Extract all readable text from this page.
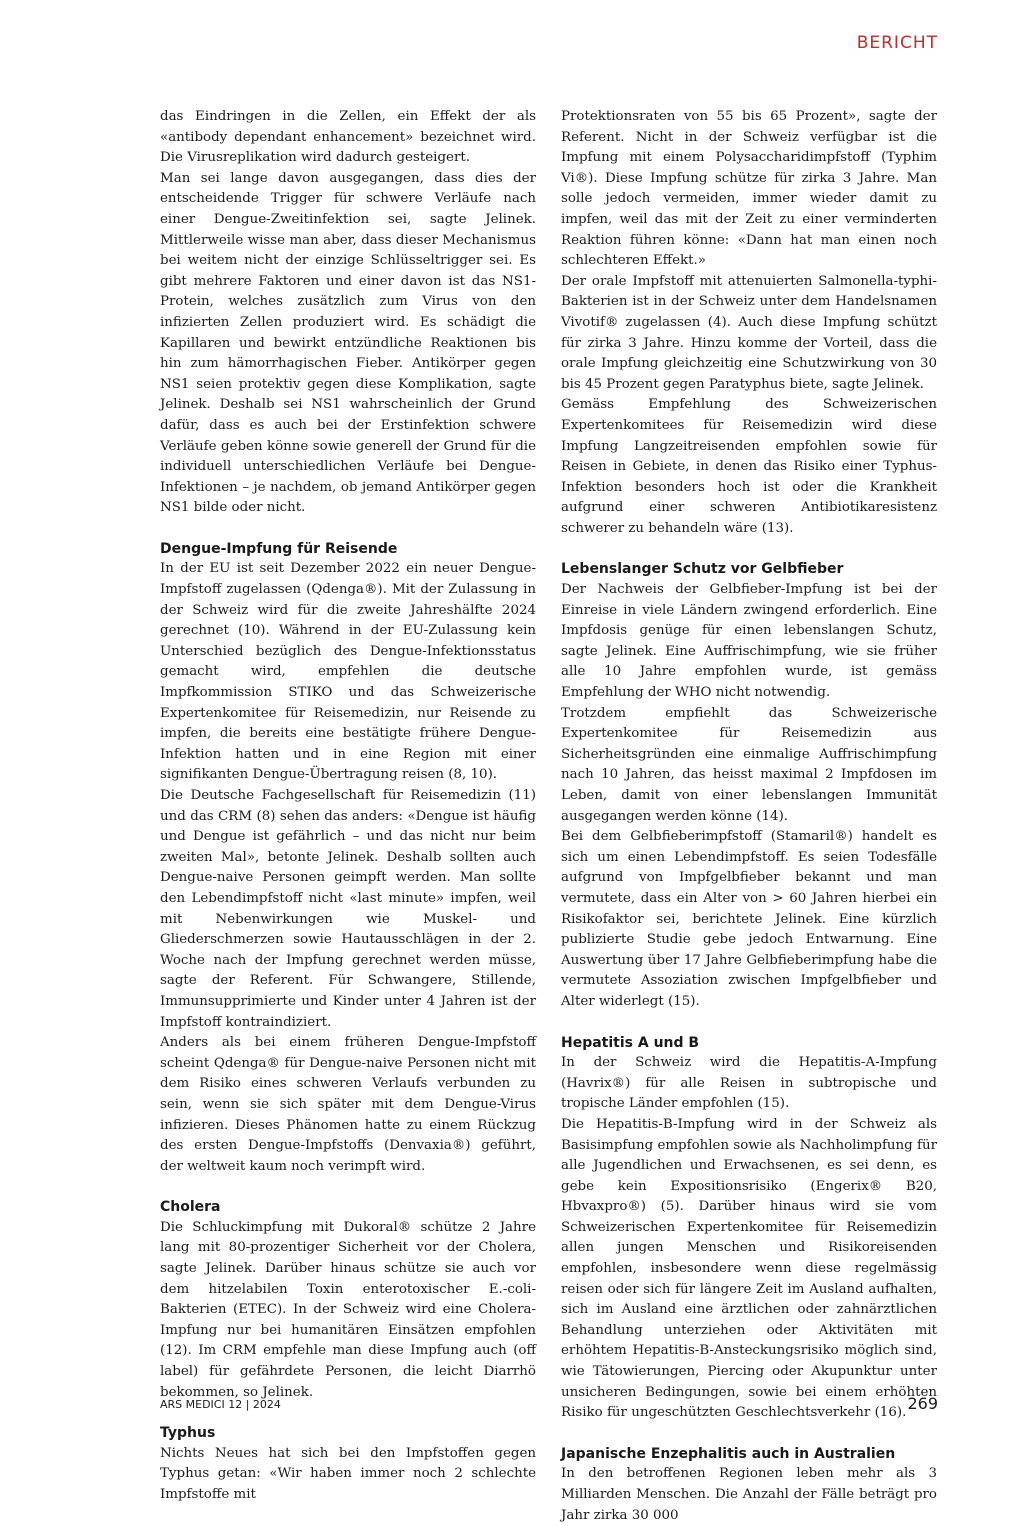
BERICHT

das Eindringen in die Zellen, ein Effekt der als «antibody dependant enhancement» bezeichnet wird. Die Virusreplikation wird dadurch gesteigert.

Man sei lange davon ausgegangen, dass dies der entscheidende Trigger für schwere Verläufe nach einer Dengue-Zweitinfektion sei, sagte Jelinek. Mittlerweile wisse man aber, dass dieser Mechanismus bei weitem nicht der einzige Schlüsseltrigger sei. Es gibt mehrere Faktoren und einer davon ist das NS1-Protein, welches zusätzlich zum Virus von den infizierten Zellen produziert wird. Es schädigt die Kapillaren und bewirkt entzündliche Reaktionen bis hin zum hämorrhagischen Fieber. Antikörper gegen NS1 seien protektiv gegen diese Komplikation, sagte Jelinek. Deshalb sei NS1 wahrscheinlich der Grund dafür, dass es auch bei der Erstinfektion schwere Verläufe geben könne sowie generell der Grund für die individuell unterschiedlichen Verläufe bei Dengue-Infektionen – je nachdem, ob jemand Antikörper gegen NS1 bilde oder nicht.

Dengue-Impfung für Reisende

In der EU ist seit Dezember 2022 ein neuer Dengue-Impfstoff zugelassen (Qdenga®). Mit der Zulassung in der Schweiz wird für die zweite Jahreshälfte 2024 gerechnet (10). Während in der EU-Zulassung kein Unterschied bezüglich des Dengue-Infektionsstatus gemacht wird, empfehlen die deutsche Impfkommission STIKO und das Schweizerische Expertenkomitee für Reisemedizin, nur Reisende zu impfen, die bereits eine bestätigte frühere Dengue-Infektion hatten und in eine Region mit einer signifikanten Dengue-Übertragung reisen (8, 10).

Die Deutsche Fachgesellschaft für Reisemedizin (11) und das CRM (8) sehen das anders: «Dengue ist häufig und Dengue ist gefährlich – und das nicht nur beim zweiten Mal», betonte Jelinek. Deshalb sollten auch Dengue-naive Personen geimpft werden. Man sollte den Lebendimpfstoff nicht «last minute» impfen, weil mit Nebenwirkungen wie Muskel- und Gliederschmerzen sowie Hautausschlägen in der 2. Woche nach der Impfung gerechnet werden müsse, sagte der Referent. Für Schwangere, Stillende, Immunsupprimierte und Kinder unter 4 Jahren ist der Impfstoff kontraindiziert.

Anders als bei einem früheren Dengue-Impfstoff scheint Qdenga® für Dengue-naive Personen nicht mit dem Risiko eines schweren Verlaufs verbunden zu sein, wenn sie sich später mit dem Dengue-Virus infizieren. Dieses Phänomen hatte zu einem Rückzug des ersten Dengue-Impfstoffs (Denvaxia®) geführt, der weltweit kaum noch verimpft wird.

Cholera

Die Schluckimpfung mit Dukoral® schütze 2 Jahre lang mit 80-prozentiger Sicherheit vor der Cholera, sagte Jelinek. Darüber hinaus schütze sie auch vor dem hitzelabilen Toxin enterotoxischer E.-coli-Bakterien (ETEC). In der Schweiz wird eine Cholera-Impfung nur bei humanitären Einsätzen empfohlen (12). Im CRM empfehle man diese Impfung auch (off label) für gefährdete Personen, die leicht Diarrhö bekommen, so Jelinek.

Typhus

Nichts Neues hat sich bei den Impfstoffen gegen Typhus getan: «Wir haben immer noch 2 schlechte Impfstoffe mit

Protektionsraten von 55 bis 65 Prozent», sagte der Referent. Nicht in der Schweiz verfügbar ist die Impfung mit einem Polysaccharidimpfstoff (Typhim Vi®). Diese Impfung schütze für zirka 3 Jahre. Man solle jedoch vermeiden, immer wieder damit zu impfen, weil das mit der Zeit zu einer verminderten Reaktion führen könne: «Dann hat man einen noch schlechteren Effekt.»

Der orale Impfstoff mit attenuierten Salmonella-typhi-Bakterien ist in der Schweiz unter dem Handelsnamen Vivotif® zugelassen (4). Auch diese Impfung schützt für zirka 3 Jahre. Hinzu komme der Vorteil, dass die orale Impfung gleichzeitig eine Schutzwirkung von 30 bis 45 Prozent gegen Paratyphus biete, sagte Jelinek.

Gemäss Empfehlung des Schweizerischen Expertenkomitees für Reisemedizin wird diese Impfung Langzeitreisenden empfohlen sowie für Reisen in Gebiete, in denen das Risiko einer Typhus-Infektion besonders hoch ist oder die Krankheit aufgrund einer schweren Antibiotikaresistenz schwerer zu behandeln wäre (13).

Lebenslanger Schutz vor Gelbfieber

Der Nachweis der Gelbfieber-Impfung ist bei der Einreise in viele Ländern zwingend erforderlich. Eine Impfdosis genüge für einen lebenslangen Schutz, sagte Jelinek. Eine Auffrischimpfung, wie sie früher alle 10 Jahre empfohlen wurde, ist gemäss Empfehlung der WHO nicht notwendig.

Trotzdem empfiehlt das Schweizerische Expertenkomitee für Reisemedizin aus Sicherheitsgründen eine einmalige Auffrischimpfung nach 10 Jahren, das heisst maximal 2 Impfdosen im Leben, damit von einer lebenslangen Immunität ausgegangen werden könne (14).

Bei dem Gelbfieberimpfstoff (Stamaril®) handelt es sich um einen Lebendimpfstoff. Es seien Todesfälle aufgrund von Impfgelbfieber bekannt und man vermutete, dass ein Alter von > 60 Jahren hierbei ein Risikofaktor sei, berichtete Jelinek. Eine kürzlich publizierte Studie gebe jedoch Entwarnung. Eine Auswertung über 17 Jahre Gelbfieberimpfung habe die vermutete Assoziation zwischen Impfgelbfieber und Alter widerlegt (15).

Hepatitis A und B

In der Schweiz wird die Hepatitis-A-Impfung (Havrix®) für alle Reisen in subtropische und tropische Länder empfohlen (15).

Die Hepatitis-B-Impfung wird in der Schweiz als Basisimpfung empfohlen sowie als Nachholimpfung für alle Jugendlichen und Erwachsenen, es sei denn, es gebe kein Expositionsrisiko (Engerix® B20, Hbvaxpro®) (5). Darüber hinaus wird sie vom Schweizerischen Expertenkomitee für Reisemedizin allen jungen Menschen und Risikoreisenden empfohlen, insbesondere wenn diese regelmässig reisen oder sich für längere Zeit im Ausland aufhalten, sich im Ausland eine ärztlichen oder zahnärztlichen Behandlung unterziehen oder Aktivitäten mit erhöhtem Hepatitis-B-Ansteckungsrisiko möglich sind, wie Tätowierungen, Piercing oder Akupunktur unter unsicheren Bedingungen, sowie bei einem erhöhten Risiko für ungeschützten Geschlechtsverkehr (16).

Japanische Enzephalitis auch in Australien

In den betroffenen Regionen leben mehr als 3 Milliarden Menschen. Die Anzahl der Fälle beträgt pro Jahr zirka 30 000

ARS MEDICI 12 | 2024	269
